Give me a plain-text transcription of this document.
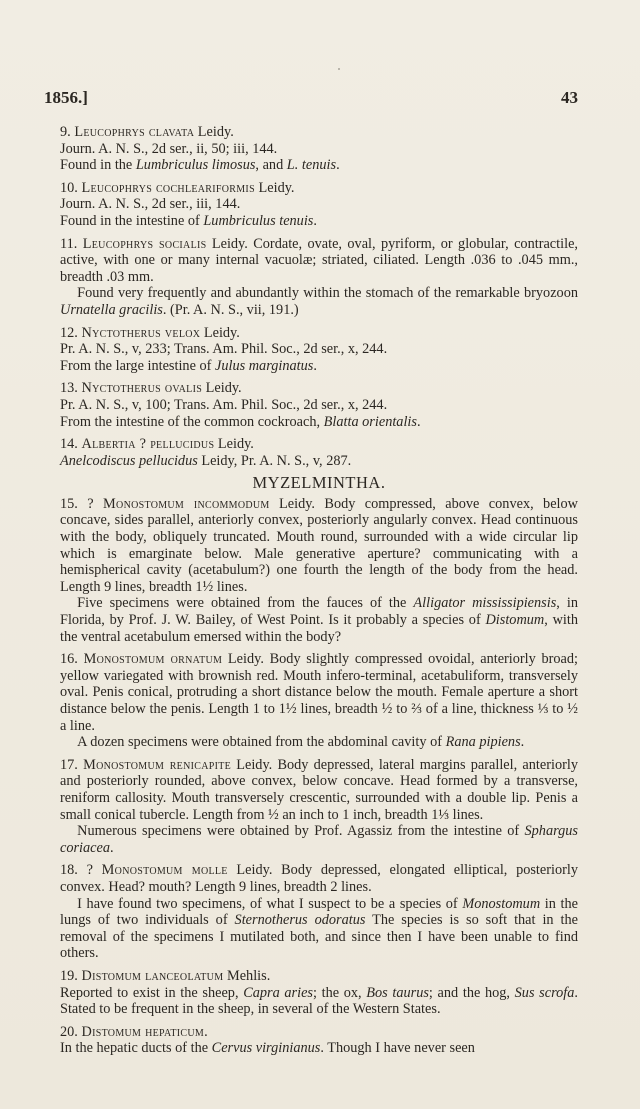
1856.]	43

9. Leucophrys clavata Leidy.

Journ. A. N. S., 2d ser., ii, 50; iii, 144.

Found in the Lumbriculus limosus, and L. tenuis.

10. Leucophrys cochleariformis Leidy.

Journ. A. N. S., 2d ser., iii, 144.

Found in the intestine of Lumbriculus tenuis.

11. Leucophrys socialis Leidy. Cordate, ovate, oval, pyriform, or globular, contractile, active, with one or many internal vacuolæ; striated, ciliated. Length .036 to .045 mm., breadth .03 mm.

Found very frequently and abundantly within the stomach of the remarkable bryozoon Urnatella gracilis. (Pr. A. N. S., vii, 191.)

12. Nyctotherus velox Leidy.

Pr. A. N. S., v, 233; Trans. Am. Phil. Soc., 2d ser., x, 244.

From the large intestine of Julus marginatus.

13. Nyctotherus ovalis Leidy.

Pr. A. N. S., v, 100; Trans. Am. Phil. Soc., 2d ser., x, 244.

From the intestine of the common cockroach, Blatta orientalis.

14. Albertia ? pellucidus Leidy.

Anelcodiscus pellucidus Leidy, Pr. A. N. S., v, 287.

MYZELMINTHA.

15. ? Monostomum incommodum Leidy. Body compressed, above convex, below concave, sides parallel, anteriorly convex, posteriorly angularly convex. Head continuous with the body, obliquely truncated. Mouth round, surrounded with a wide circular lip which is emarginate below. Male generative aperture? communicating with a hemispherical cavity (acetabulum?) one fourth the length of the body from the head. Length 9 lines, breadth 1½ lines.

Five specimens were obtained from the fauces of the Alligator mississipiensis, in Florida, by Prof. J. W. Bailey, of West Point. Is it probably a species of Distomum, with the ventral acetabulum emersed within the body?

16. Monostomum ornatum Leidy. Body slightly compressed ovoidal, anteriorly broad; yellow variegated with brownish red. Mouth infero-terminal, acetabuliform, transversely oval. Penis conical, protruding a short distance below the mouth. Female aperture a short distance below the penis. Length 1 to 1½ lines, breadth ½ to ⅔ of a line, thickness ⅓ to ½ a line.

A dozen specimens were obtained from the abdominal cavity of Rana pipiens.

17. Monostomum renicapite Leidy. Body depressed, lateral margins parallel, anteriorly and posteriorly rounded, above convex, below concave. Head formed by a transverse, reniform callosity. Mouth transversely crescentic, surrounded with a double lip. Penis a small conical tubercle. Length from ½ an inch to 1 inch, breadth 1⅓ lines.

Numerous specimens were obtained by Prof. Agassiz from the intestine of Sphargus coriacea.

18. ? Monostomum molle Leidy. Body depressed, elongated elliptical, posteriorly convex. Head? mouth? Length 9 lines, breadth 2 lines.

I have found two specimens, of what I suspect to be a species of Monostomum in the lungs of two individuals of Sternotherus odoratus The species is so soft that in the removal of the specimens I mutilated both, and since then I have been unable to find others.

19. Distomum lanceolatum Mehlis.

Reported to exist in the sheep, Capra aries; the ox, Bos taurus; and the hog, Sus scrofa. Stated to be frequent in the sheep, in several of the Western States.

20. Distomum hepaticum.

In the hepatic ducts of the Cervus virginianus. Though I have never seen
